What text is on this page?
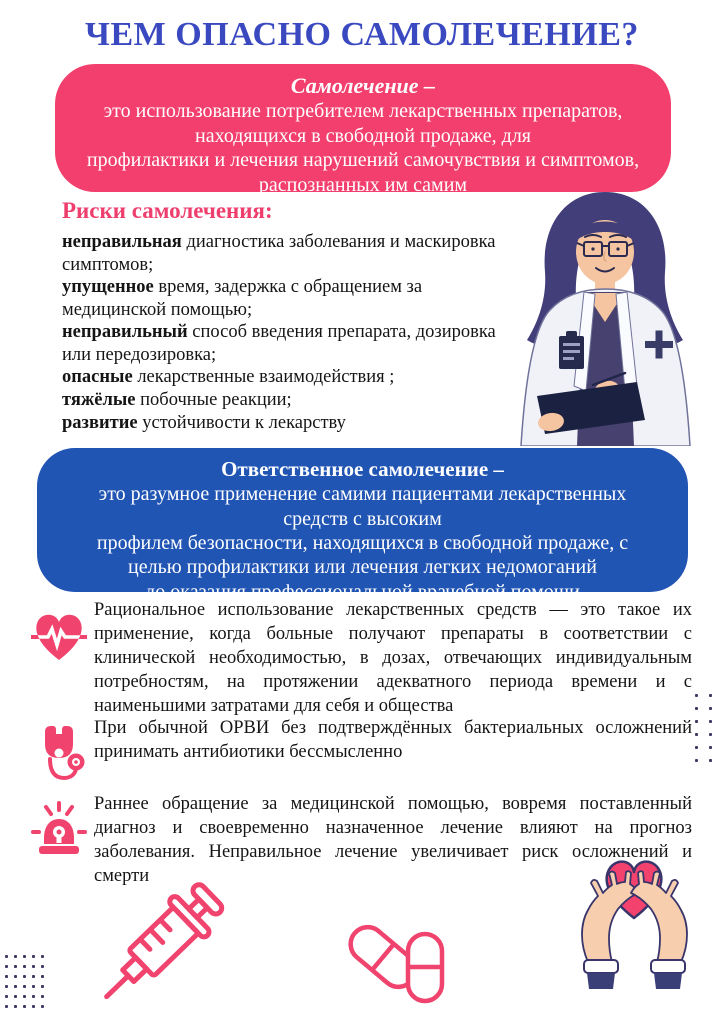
ЧЕМ ОПАСНО САМОЛЕЧЕНИЕ?
Самолечение –
это использование потребителем лекарственных препаратов,
находящихся в свободной продаже, для
профилактики и лечения нарушений самочувствия и симптомов,
распознанных им самим
Риски самолечения:
неправильная диагностика заболевания и маскировка симптомов;
упущенное время, задержка с обращением за медицинской помощью;
неправильный способ введения препарата, дозировка или передозировка;
опасные лекарственные взаимодействия ;
тяжёлые побочные реакции;
развитие устойчивости к лекарству
Ответственное самолечение –
это разумное применение самими пациентами лекарственных
средств с высоким
профилем безопасности, находящихся в свободной продаже, с
целью профилактики или лечения легких недомоганий
до оказания профессиональной врачебной помощи
Рациональное использование лекарственных средств — это такое их применение, когда больные получают препараты в соответствии с клинической необходимостью, в дозах, отвечающих индивидуальным потребностям, на протяжении адекватного периода времени и с наименьшими затратами для себя и общества
При обычной ОРВИ без подтверждённых бактериальных осложнений принимать антибиотики бессмысленно
Раннее обращение за медицинской помощью, вовремя поставленный диагноз и своевременно назначенное лечение влияют на прогноз заболевания. Неправильное лечение увеличивает риск осложнений и смерти
